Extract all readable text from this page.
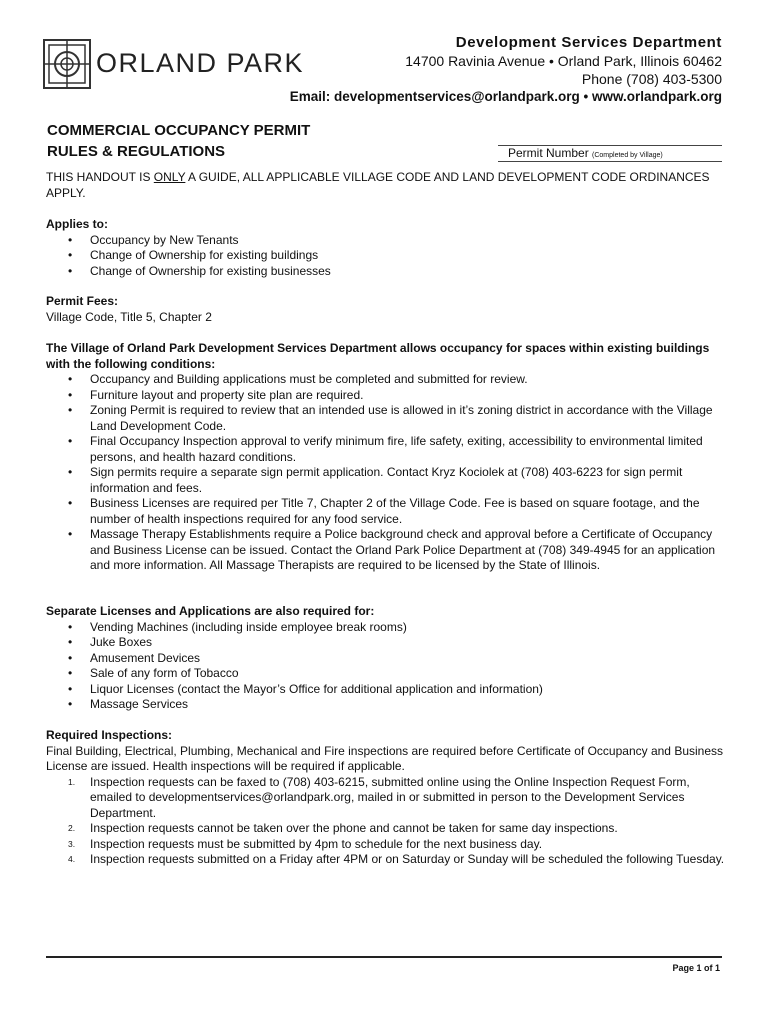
ORLAND PARK
Development Services Department
14700 Ravinia Avenue • Orland Park, Illinois 60462
Phone (708) 403-5300
Email: developmentservices@orlandpark.org • www.orlandpark.org
COMMERCIAL OCCUPANCY PERMIT
RULES & REGULATIONS	Permit Number (Completed by Village)

THIS HANDOUT IS ONLY A GUIDE, ALL APPLICABLE VILLAGE CODE AND LAND DEVELOPMENT CODE ORDINANCES APPLY.

Applies to:

• Occupancy by New Tenants
• Change of Ownership for existing buildings
• Change of Ownership for existing businesses

Permit Fees:

Village Code, Title 5, Chapter 2

The Village of Orland Park Development Services Department allows occupancy for spaces within existing buildings with the following conditions:

• Occupancy and Building applications must be completed and submitted for review.
• Furniture layout and property site plan are required.
• Zoning Permit is required to review that an intended use is allowed in it’s zoning district in accordance with the Village Land Development Code.
• Final Occupancy Inspection approval to verify minimum fire, life safety, exiting, accessibility to environmental limited persons, and health hazard conditions.
• Sign permits require a separate sign permit application. Contact Kryz Kociolek at (708) 403-6223 for sign permit information and fees.
• Business Licenses are required per Title 7, Chapter 2 of the Village Code. Fee is based on square footage, and the number of health inspections required for any food service.
• Massage Therapy Establishments require a Police background check and approval before a Certificate of Occupancy and Business License can be issued. Contact the Orland Park Police Department at (708) 349-4945 for an application and more information. All Massage Therapists are required to be licensed by the State of Illinois.

Separate Licenses and Applications are also required for:

• Vending Machines (including inside employee break rooms)
• Juke Boxes
• Amusement Devices
• Sale of any form of Tobacco
• Liquor Licenses (contact the Mayor’s Office for additional application and information)
• Massage Services

Required Inspections:

Final Building, Electrical, Plumbing, Mechanical and Fire inspections are required before Certificate of Occupancy and Business License are issued. Health inspections will be required if applicable.

1. Inspection requests can be faxed to (708) 403-6215, submitted online using the Online Inspection Request Form, emailed to developmentservices@orlandpark.org, mailed in or submitted in person to the Development Services Department.
2. Inspection requests cannot be taken over the phone and cannot be taken for same day inspections.
3. Inspection requests must be submitted by 4pm to schedule for the next business day.
4. Inspection requests submitted on a Friday after 4PM or on Saturday or Sunday will be scheduled the following Tuesday.
Page 1 of 1
